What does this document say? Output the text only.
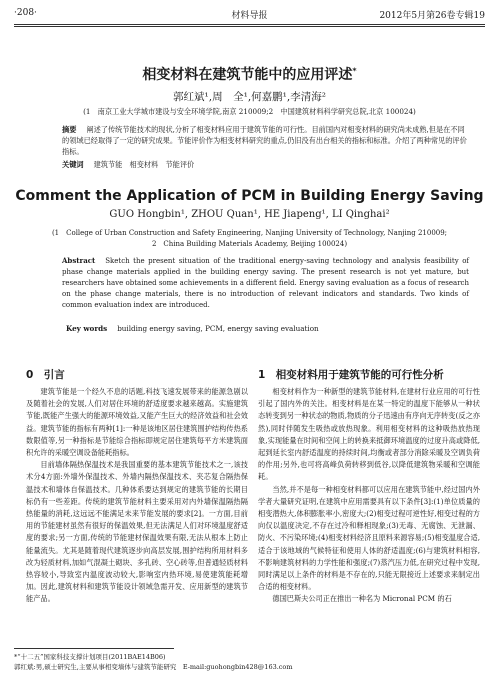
·208·	材料导报	2012年5月第26卷专辑19
相变材料在建筑节能中的应用评述*
郭红斌¹,周　全¹,何嘉鹏¹,李清海²
(1　南京工业大学城市建设与安全环境学院,南京 210009;2　中国建筑材料科学研究总院,北京 100024)
摘要 阐述了传统节能技术的现状,分析了相变材料应用于建筑节能的可行性。目前国内对相变材料的研究尚未成熟,但是在不同的领域已经取得了一定的研究成果。节能评价作为相变材料研究的重点,仍旧没有出台相关的指标和标准。介绍了两种常见的评价指标。
关键词 建筑节能　相变材料　节能评价
Comment the Application of PCM in Building Energy Saving
GUO Hongbin¹, ZHOU Quan¹, HE Jiapeng¹, LI Qinghai²
(1　College of Urban Construction and Safety Engineering, Nanjing University of Technology, Nanjing 210009;
2　China Building Materials Academy, Beijing 100024)
Abstract Sketch the present situation of the traditional energy-saving technology and analysis feasibility of phase change materials applied in the building energy saving. The present research is not yet mature, but researchers have obtained some achievements in a different field. Energy saving evaluation as a focus of research on the phase change materials, there is no introduction of relevant indicators and standards. Two kinds of common evaluation index are introduced.
Key words building energy saving, PCM, energy saving evaluation
0　引言

建筑节能是一个经久不息的话题,科技飞速发展带来的能源急剧以及随着社会的发展,人们对居住环境的舒适度要求越来越高。实施建筑节能,既能产生强大的能源环境效益,又能产生巨大的经济效益和社会效益。建筑节能的指标有两种[1]:一种是该地区居住建筑围护结构传热系数限值等,另一种指标是节能综合指标即规定居住建筑每平方米建筑面积允许的采暖空调设备能耗指标。

目前墙体隔热保温技术是我国重要的基本建筑节能技术之一,该技术分4方面:外墙外保温技术、外墙内隔热保温技术、夹芯复合隔热保温技术和墙体自保温技术。几种体系要达到规定的建筑节能的长期目标仍有一些差距。传统的建筑节能材料主要采用对内外墙保温隔热隔热能量的消耗,这远远不能满足未来节能发展的要求[2]。一方面,目前用的节能建材虽然有很好的保温效果,但无法满足人们对环境温度舒适度的要求;另一方面,传统的节能建材保温效果有限,无法从根本上防止能量流失。尤其是随着现代建筑逐步向高层发展,围护结构所用材料多改为轻质材料,加如气混凝土砌块、多孔砖、空心砖等,但普通轻质材料热容较小,导致室内温度波动较大,影响室内热环境,易使建筑能耗增加。因此,建筑材料和建筑节能设计领域急需开发、应用新型的建筑节能产品。

1　相变材料用于建筑节能的可行性分析

相变材料作为一种新型的建筑节能材料,在建材行业应用的可行性引起了国内外的关注。相变材料是在某一特定的温度下能够从一种状态转变到另一种状态的物质,物质的分子迅速由有序向无序转变(反之亦然),同时伴随发生吸热或放热现象。利用相变材料的这种吸热放热现象,实现能量在时间和空间上的转换来抵御环境温度的过度升高或降低,起到延长室内舒适温度的持续时间,均衡或者部分消除采暖及空调负荷的作用;另外,也可将高峰负荷转移到低谷,以降低建筑物采暖和空调能耗。

当然,并不是每一种相变材料都可以应用在建筑节能中,经过国内外学者大量研究证明,在建筑中应用需要具有以下条件[3]:(1)单位质量的相变潜热大,体积膨胀率小,密度大;(2)相变过程可逆性好,相变过程的方向仅以温度决定,不存在过冷和释相现象;(3)无毒、无腐蚀、无泄漏、防火、不污染环境;(4)相变材料经济且原料来源容易;(5)相变温度合适,适合于该地域的气候特征和使用人体的舒适温度;(6)与建筑材料相容,不影响建筑材料的力学性能和强度;(7)蒸汽压力低,在研究过程中发现,同时满足以上条件的材料是不存在的,只能无限接近上述要求来制定出合适的相变材料。

德国巴斯夫公司正在推出一种名为 Micronal PCM 的石

*“十二五”国家科技支撑计划项目(2011BAE14B06)
郭红斌:男,硕士研究生,主要从事相变墙体与建筑节能研究　E-mail:guohongbin428@163.com
